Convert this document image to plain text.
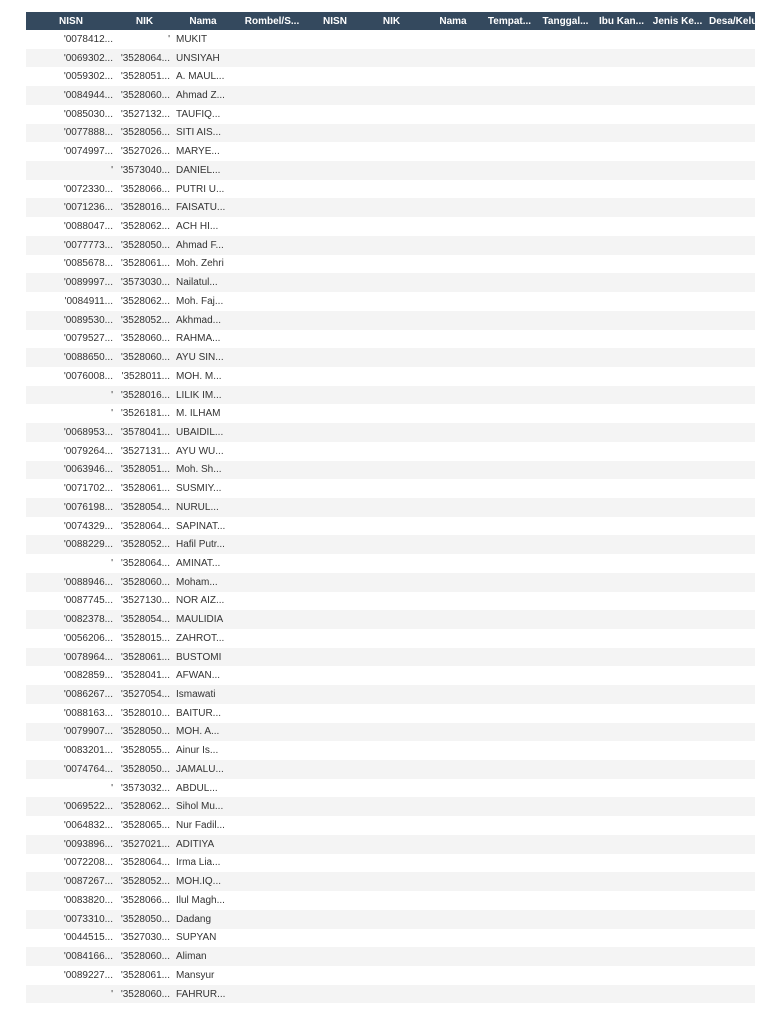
NISN	NIK	Nama	Rombel/S...	NISN	NIK	Nama	Tempat...	Tanggal...	Ibu Kan...	Jenis Ke...	Desa/Kelu...
'0078412...	'	MUKIT									
'0069302...	'3528064...	UNSIYAH									
'0059302...	'3528051...	A. MAUL...									
'0084944...	'3528060...	Ahmad Z...									
'0085030...	'3527132...	TAUFIQ...									
'0077888...	'3528056...	SITI AIS...									
'0074997...	'3527026...	MARYE...									
'	'3573040...	DANIEL...									
'0072330...	'3528066...	PUTRI U...									
'0071236...	'3528016...	FAISATU...									
'0088047...	'3528062...	ACH HI...									
'0077773...	'3528050...	Ahmad F...									
'0085678...	'3528061...	Moh. Zehri									
'0089997...	'3573030...	Nailatul...									
'0084911...	'3528062...	Moh. Faj...									
'0089530...	'3528052...	Akhmad...									
'0079527...	'3528060...	RAHMA...									
'0088650...	'3528060...	AYU SIN...									
'0076008...	'3528011...	MOH. M...									
'	'3528016...	LILIK IM...									
'	'3526181...	M. ILHAM									
'0068953...	'3578041...	UBAIDIL...									
'0079264...	'3527131...	AYU WU...									
'0063946...	'3528051...	Moh. Sh...									
'0071702...	'3528061...	SUSMIY...									
'0076198...	'3528054...	NURUL...									
'0074329...	'3528064...	SAPINAT...									
'0088229...	'3528052...	Hafil Putr...									
'	'3528064...	AMINAT...									
'0088946...	'3528060...	Moham...									
'0087745...	'3527130...	NOR AIZ...									
'0082378...	'3528054...	MAULIDIA									
'0056206...	'3528015...	ZAHROT...									
'0078964...	'3528061...	BUSTOMI									
'0082859...	'3528041...	AFWAN...									
'0086267...	'3527054...	Ismawati									
'0088163...	'3528010...	BAITUR...									
'0079907...	'3528050...	MOH. A...									
'0083201...	'3528055...	Ainur Is...									
'0074764...	'3528050...	JAMALU...									
'	'3573032...	ABDUL...									
'0069522...	'3528062...	Sihol Mu...									
'0064832...	'3528065...	Nur Fadil...									
'0093896...	'3527021...	ADITIYA									
'0072208...	'3528064...	Irma Lia...									
'0087267...	'3528052...	MOH.IQ...									
'0083820...	'3528066...	Ilul Magh...									
'0073310...	'3528050...	Dadang									
'0044515...	'3527030...	SUPYAN									
'0084166...	'3528060...	Aliman									
'0089227...	'3528061...	Mansyur									
'	'3528060...	FAHRUR...									
